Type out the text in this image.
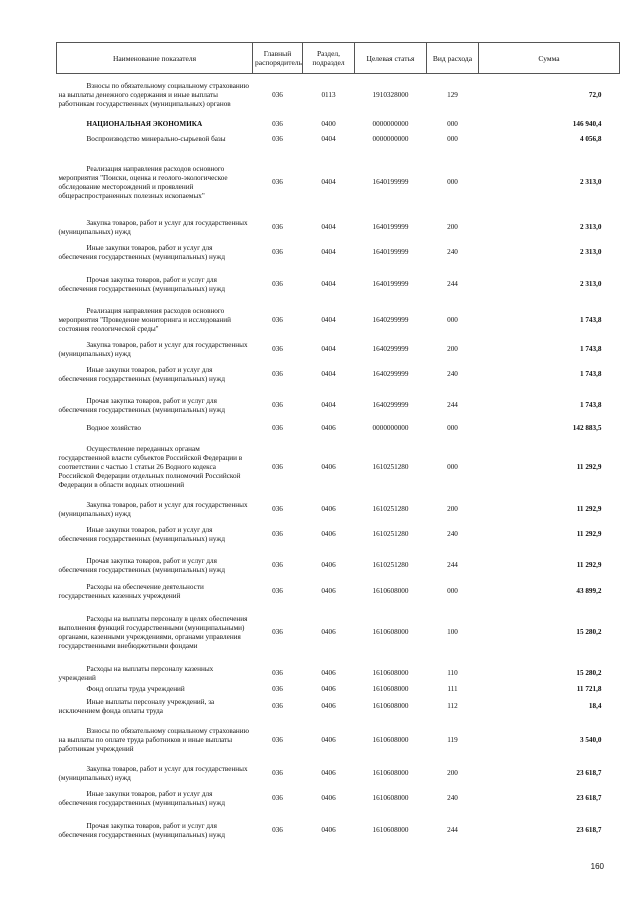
Наименование показателя	Главный распорядитель	Раздел, подраздел	Целевая статья	Вид расхода	Сумма

Взносы по обязательному социальному страхованию на выплаты денежного содержания и иные выплаты работникам государственных (муниципальных) органов	036	0113	1910328000	129	72,0

НАЦИОНАЛЬНАЯ ЭКОНОМИКА	036	0400	0000000000	000	146 940,4

Воспроизводство минерально-сырьевой базы	036	0404	0000000000	000	4 056,8

Реализация направления расходов основного мероприятия "Поиски, оценка и геолого-экологическое обследование месторождений и проявлений общераспространенных полезных ископаемых"	036	0404	1640199999	000	2 313,0

Закупка товаров, работ и услуг для государственных (муниципальных) нужд	036	0404	1640199999	200	2 313,0

Иные закупки товаров, работ и услуг для обеспечения государственных (муниципальных) нужд	036	0404	1640199999	240	2 313,0

Прочая закупка товаров, работ и услуг для обеспечения государственных (муниципальных) нужд	036	0404	1640199999	244	2 313,0

Реализация направления расходов основного мероприятия "Проведение мониторинга и исследований состояния геологической среды"	036	0404	1640299999	000	1 743,8

Закупка товаров, работ и услуг для государственных (муниципальных) нужд	036	0404	1640299999	200	1 743,8

Иные закупки товаров, работ и услуг для обеспечения государственных (муниципальных) нужд	036	0404	1640299999	240	1 743,8

Прочая закупка товаров, работ и услуг для обеспечения государственных (муниципальных) нужд	036	0404	1640299999	244	1 743,8

Водное хозяйство	036	0406	0000000000	000	142 883,5

Осуществление переданных органам государственной власти субъектов Российской Федерации в соответствии с частью 1 статьи 26 Водного кодекса Российской Федерации отдельных полномочий Российской Федерации в области водных отношений	036	0406	1610251280	000	11 292,9

Закупка товаров, работ и услуг для государственных (муниципальных) нужд	036	0406	1610251280	200	11 292,9

Иные закупки товаров, работ и услуг для обеспечения государственных (муниципальных) нужд	036	0406	1610251280	240	11 292,9

Прочая закупка товаров, работ и услуг для обеспечения государственных (муниципальных) нужд	036	0406	1610251280	244	11 292,9

Расходы на обеспечение деятельности государственных казенных учреждений	036	0406	1610608000	000	43 899,2

Расходы на выплаты персоналу в целях обеспечения выполнения функций государственными (муниципальными) органами, казенными учреждениями, органами управления государственными внебюджетными фондами	036	0406	1610608000	100	15 280,2

Расходы на выплаты персоналу казенных учреждений	036	0406	1610608000	110	15 280,2

Фонд оплаты труда учреждений	036	0406	1610608000	111	11 721,8

Иные выплаты персоналу учреждений, за исключением фонда оплаты труда	036	0406	1610608000	112	18,4

Взносы по обязательному социальному страхованию на выплаты по оплате труда работников и иные выплаты работникам учреждений	036	0406	1610608000	119	3 540,0

Закупка товаров, работ и услуг для государственных (муниципальных) нужд	036	0406	1610608000	200	23 618,7

Иные закупки товаров, работ и услуг для обеспечения государственных (муниципальных) нужд	036	0406	1610608000	240	23 618,7

Прочая закупка товаров, работ и услуг для обеспечения государственных (муниципальных) нужд	036	0406	1610608000	244	23 618,7
160
